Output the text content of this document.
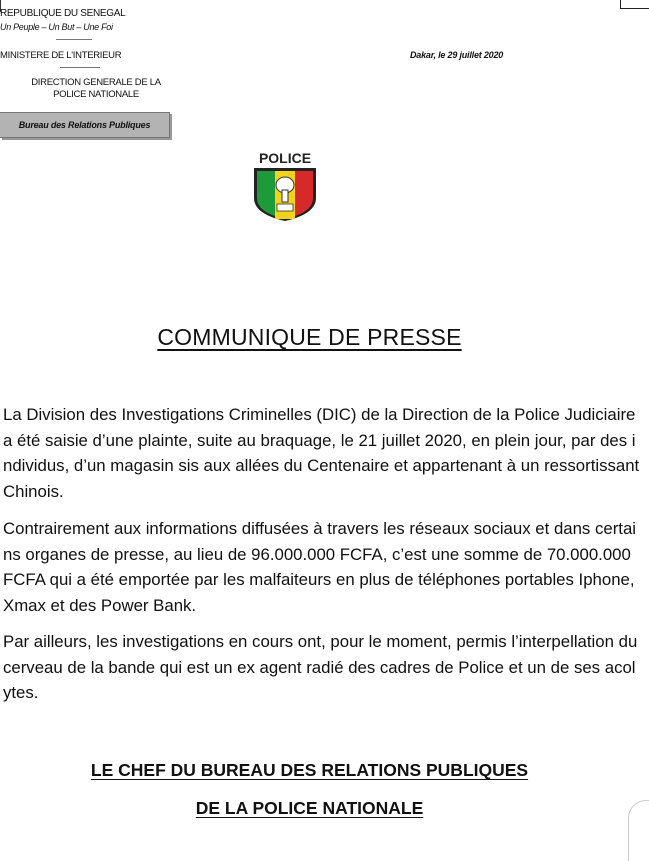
REPUBLIQUE DU SENEGAL
Un Peuple – Un But – Une Foi
MINISTERE DE L'INTERIEUR
DIRECTION GENERALE DE LA POLICE NATIONALE
Bureau des Relations Publiques
Dakar, le 29 juillet 2020
POLICE
COMMUNIQUE DE PRESSE
La Division des Investigations Criminelles (DIC) de la Direction de la Police Judiciaire a été saisie d’une plainte, suite au braquage, le 21 juillet 2020, en plein jour, par des individus, d’un magasin sis aux allées du Centenaire et appartenant à un ressortissant Chinois.
Contrairement aux informations diffusées à travers les réseaux sociaux et dans certains organes de presse, au lieu de 96.000.000 FCFA, c’est une somme de 70.000.000 FCFA qui a été emportée par les malfaiteurs en plus de téléphones portables Iphone, Xmax et des Power Bank.
Par ailleurs, les investigations en cours ont, pour le moment, permis l’interpellation du cerveau de la bande qui est un ex agent radié des cadres de Police et un de ses acolytes.
LE CHEF DU BUREAU DES RELATIONS PUBLIQUES
DE LA POLICE NATIONALE
